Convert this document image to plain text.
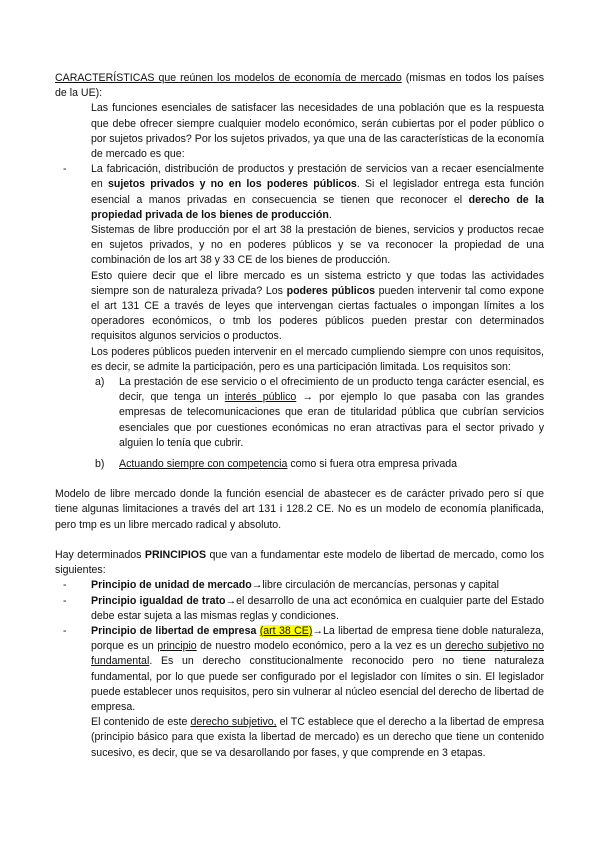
CARACTERÍSTICAS que reúnen los modelos de economía de mercado (mismas en todos los países de la UE):

Las funciones esenciales de satisfacer las necesidades de una población que es la respuesta que debe ofrecer siempre cualquier modelo económico, serán cubiertas por el poder público o por sujetos privados? Por los sujetos privados, ya que una de las características de la economía de mercado es que:

- La fabricación, distribución de productos y prestación de servicios van a recaer esencialmente en sujetos privados y no en los poderes públicos. Si el legislador entrega esta función esencial a manos privadas en consecuencia se tienen que reconocer el derecho de la propiedad privada de los bienes de producción.

Sistemas de libre producción por el art 38 la prestación de bienes, servicios y productos recae en sujetos privados, y no en poderes públicos y se va reconocer la propiedad de una combinación de los art 38 y 33 CE de los bienes de producción.

Esto quiere decir que el libre mercado es un sistema estricto y que todas las actividades siempre son de naturaleza privada? Los poderes públicos pueden intervenir tal como expone el art 131 CE a través de leyes que intervengan ciertas factuales o impongan límites a los operadores económicos, o tmb los poderes públicos pueden prestar con determinados requisitos algunos servicios o productos.

Los poderes públicos pueden intervenir en el mercado cumpliendo siempre con unos requisitos, es decir, se admite la participación, pero es una participación limitada. Los requisitos son:

a) La prestación de ese servicio o el ofrecimiento de un producto tenga carácter esencial, es decir, que tenga un interés público → por ejemplo lo que pasaba con las grandes empresas de telecomunicaciones que eran de titularidad pública que cubrían servicios esenciales que por cuestiones económicas no eran atractivas para el sector privado y alguien lo tenía que cubrir.

b) Actuando siempre con competencia como si fuera otra empresa privada

Modelo de libre mercado donde la función esencial de abastecer es de carácter privado pero sí que tiene algunas limitaciones a través del art 131 i 128.2 CE. No es un modelo de economía planificada, pero tmp es un libre mercado radical y absoluto.

Hay determinados PRINCIPIOS que van a fundamentar este modelo de libertad de mercado, como los siguientes:

- Principio de unidad de mercado→libre circulación de mercancías, personas y capital

- Principio igualdad de trato→el desarrollo de una act económica en cualquier parte del Estado debe estar sujeta a las mismas reglas y condiciones.

- Principio de libertad de empresa (art 38 CE)→La libertad de empresa tiene doble naturaleza, porque es un principio de nuestro modelo económico, pero a la vez es un derecho subjetivo no fundamental. Es un derecho constitucionalmente reconocido pero no tiene naturaleza fundamental, por lo que puede ser configurado por el legislador con límites o sin. El legislador puede establecer unos requisitos, pero sin vulnerar al núcleo esencial del derecho de libertad de empresa.

El contenido de este derecho subjetivo, el TC establece que el derecho a la libertad de empresa (principio básico para que exista la libertad de mercado) es un derecho que tiene un contenido sucesivo, es decir, que se va desarollando por fases, y que comprende en 3 etapas.
